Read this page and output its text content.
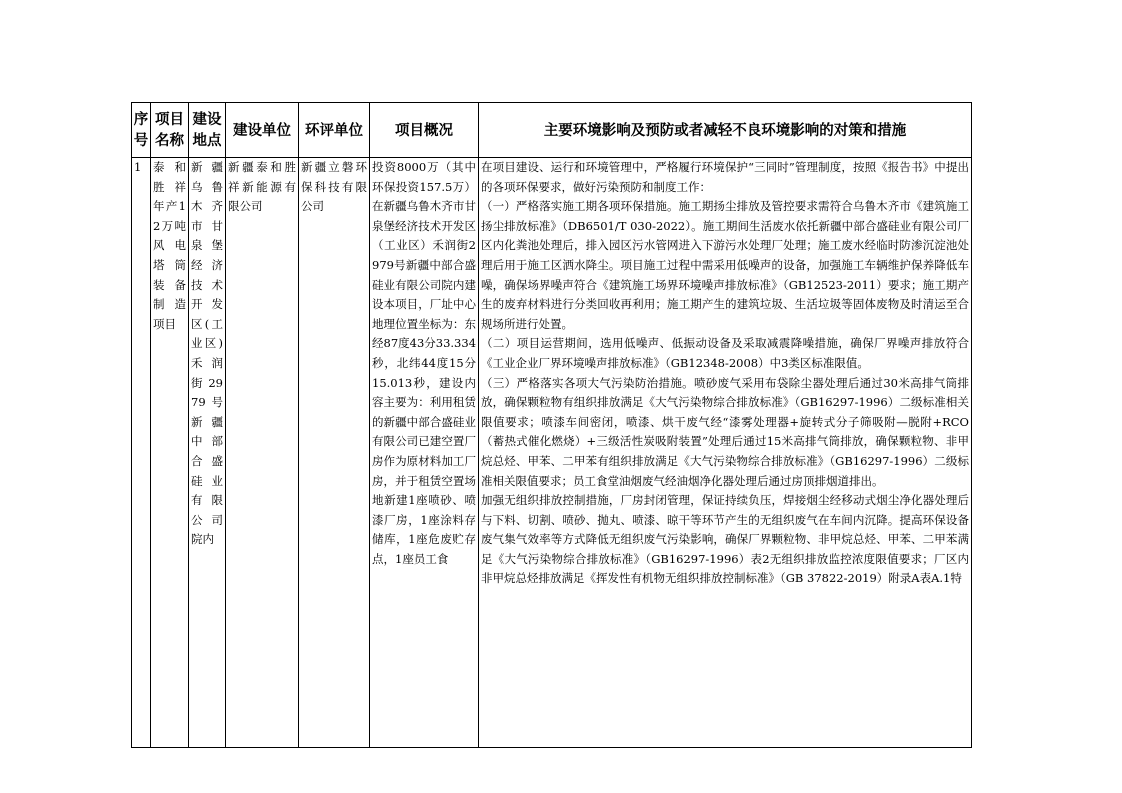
序号	项目名称	建设地点	建设单位	环评单位	项目概况	主要环境影响及预防或者减轻不良环境影响的对策和措施
1	泰和胜祥年产12万吨风电塔筒装备制造项目	新疆乌鲁木齐市甘泉堡经济技术开发区(工业区)禾润街2979号新疆中部合盛硅业有限公司院内	新疆泰和胜祥新能源有限公司	新疆立磐环保科技有限公司	投资8000万（其中环保投资157.5万）在新疆乌鲁木齐市甘泉堡经济技术开发区（工业区）禾润街2979号新疆中部合盛硅业有限公司院内建设本项目，厂址中心地理位置坐标为：东经87度43分33.334秒，北纬44度15分15.013秒，建设内容主要为：利用租赁的新疆中部合盛硅业有限公司已建空置厂房作为原材料加工厂房，并于租赁空置场地新建1座喷砂、喷漆厂房，1座涂料存储库，1座危废贮存点，1座员工食	在项目建设、运行和环境管理中，严格履行环境保护“三同时”管理制度，按照《报告书》中提出的各项环保要求，做好污染预防和制度工作：

（一）严格落实施工期各项环保措施。施工期扬尘排放及管控要求需符合乌鲁木齐市《建筑施工扬尘排放标准》（DB6501/T 030-2022）。施工期间生活废水依托新疆中部合盛硅业有限公司厂区内化粪池处理后，排入园区污水管网进入下游污水处理厂处理；施工废水经临时防渗沉淀池处理后用于施工区洒水降尘。项目施工过程中需采用低噪声的设备，加强施工车辆维护保养降低车噪，确保场界噪声符合《建筑施工场界环境噪声排放标准》（GB12523-2011）要求；施工期产生的废弃材料进行分类回收再利用；施工期产生的建筑垃圾、生活垃圾等固体废物及时清运至合规场所进行处置。

（二）项目运营期间，选用低噪声、低振动设备及采取减震降噪措施，确保厂界噪声排放符合《工业企业厂界环境噪声排放标准》（GB12348-2008）中3类区标准限值。

（三）严格落实各项大气污染防治措施。喷砂废气采用布袋除尘器处理后通过30米高排气筒排放，确保颗粒物有组织排放满足《大气污染物综合排放标准》（GB16297-1996）二级标准相关限值要求；喷漆车间密闭，喷漆、烘干废气经“漆雾处理器+旋转式分子筛吸附—脱附+RCO（蓄热式催化燃烧）+三级活性炭吸附装置”处理后通过15米高排气筒排放，确保颗粒物、非甲烷总烃、甲苯、二甲苯有组织排放满足《大气污染物综合排放标准》（GB16297-1996）二级标准相关限值要求；员工食堂油烟废气经油烟净化器处理后通过房顶排烟道排出。

加强无组织排放控制措施，厂房封闭管理，保证持续负压，焊接烟尘经移动式烟尘净化器处理后与下料、切割、喷砂、抛丸、喷漆、晾干等环节产生的无组织废气在车间内沉降。提高环保设备废气集气效率等方式降低无组织废气污染影响，确保厂界颗粒物、非甲烷总烃、甲苯、二甲苯满足《大气污染物综合排放标准》（GB16297-1996）表2无组织排放监控浓度限值要求；厂区内非甲烷总烃排放满足《挥发性有机物无组织排放控制标准》（GB 37822-2019）附录A表A.1特
